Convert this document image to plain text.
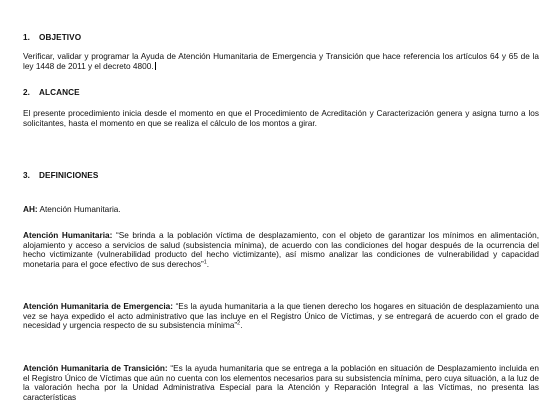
1. OBJETIVO

Verificar, validar y programar la Ayuda de Atención Humanitaria de Emergencia y Transición que hace referencia los artículos 64 y 65 de la ley 1448 de 2011 y el decreto 4800.

2. ALCANCE

El presente procedimiento inicia desde el momento en que el Procedimiento de Acreditación y Caracterización genera y asigna turno a los solicitantes, hasta el momento en que se realiza el cálculo de los montos a girar.

3. DEFINICIONES

AH: Atención Humanitaria.

Atención Humanitaria: “Se brinda a la población víctima de desplazamiento, con el objeto de garantizar los mínimos en alimentación, alojamiento y acceso a servicios de salud (subsistencia mínima), de acuerdo con las condiciones del hogar después de la ocurrencia del hecho victimizante (vulnerabilidad producto del hecho victimizante), así mismo analizar las condiciones de vulnerabilidad y capacidad monetaria para el goce efectivo de sus derechos”$^1$.

Atención Humanitaria de Emergencia: “Es la ayuda humanitaria a la que tienen derecho los hogares en situación de desplazamiento una vez se haya expedido el acto administrativo que las incluye en el Registro Único de Víctimas, y se entregará de acuerdo con el grado de necesidad y urgencia respecto de su subsistencia mínima”$^2$.

Atención Humanitaria de Transición: “Es la ayuda humanitaria que se entrega a la población en situación de Desplazamiento incluida en el Registro Único de Víctimas que aún no cuenta con los elementos necesarios para su subsistencia mínima, pero cuya situación, a la luz de la valoración hecha por la Unidad Administrativa Especial para la Atención y Reparación Integral a las Víctimas, no presenta las características
